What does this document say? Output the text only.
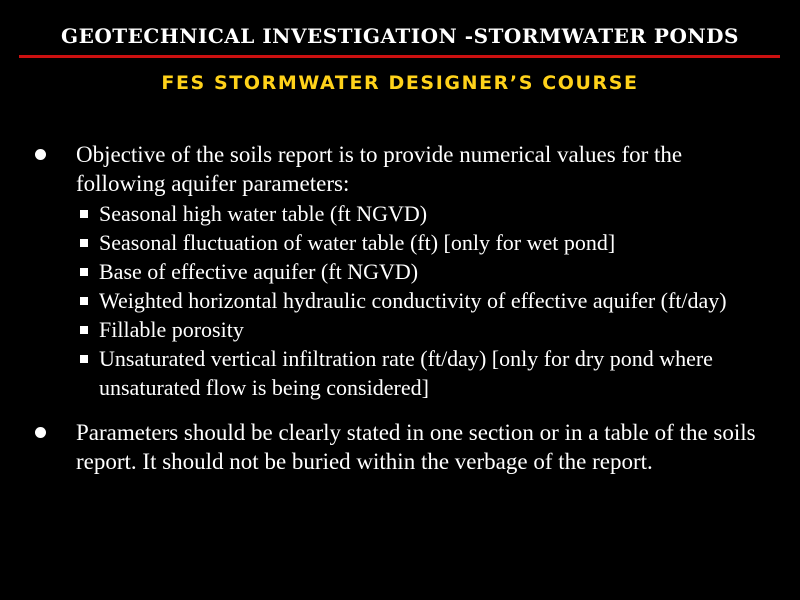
GEOTECHNICAL INVESTIGATION -STORMWATER PONDS
FES STORMWATER DESIGNER’S COURSE
Objective of the soils report is to provide numerical values for the following aquifer parameters:
Seasonal high water table (ft NGVD)
Seasonal fluctuation of water table (ft) [only for wet pond]
Base of effective aquifer (ft NGVD)
Weighted horizontal hydraulic conductivity of effective aquifer (ft/day)
Fillable porosity
Unsaturated vertical infiltration rate (ft/day) [only for dry pond where unsaturated flow is being considered]
Parameters should be clearly stated in one section or in a table of the soils report. It should not be buried within the verbage of the report.
